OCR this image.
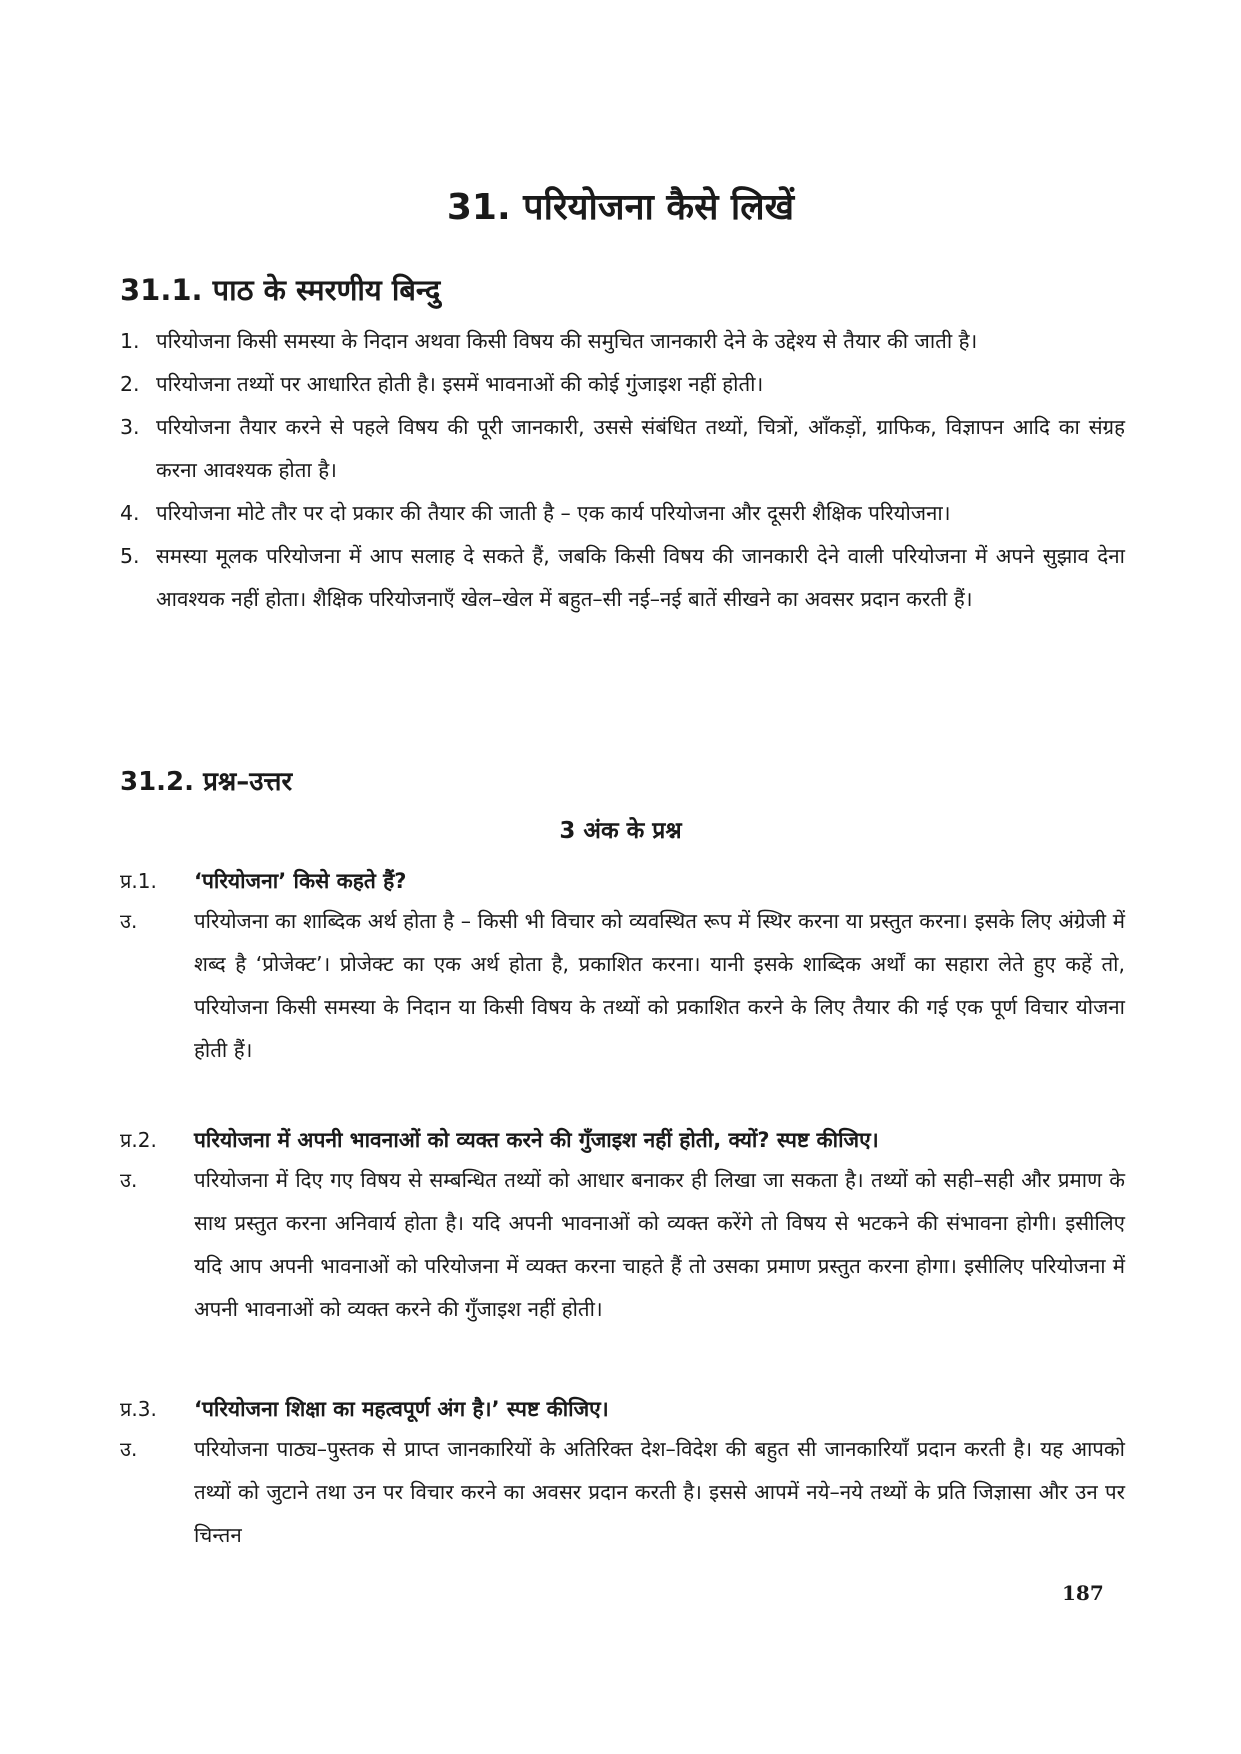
31. परियोजना कैसे लिखें
31.1. पाठ के स्मरणीय बिन्दु
1. परियोजना किसी समस्या के निदान अथवा किसी विषय की समुचित जानकारी देने के उद्देश्य से तैयार की जाती है।
2. परियोजना तथ्यों पर आधारित होती है। इसमें भावनाओं की कोई गुंजाइश नहीं होती।
3. परियोजना तैयार करने से पहले विषय की पूरी जानकारी, उससे संबंधित तथ्यों, चित्रों, आँकड़ों, ग्राफिक, विज्ञापन आदि का संग्रह करना आवश्यक होता है।
4. परियोजना मोटे तौर पर दो प्रकार की तैयार की जाती है – एक कार्य परियोजना और दूसरी शैक्षिक परियोजना।
5. समस्या मूलक परियोजना में आप सलाह दे सकते हैं, जबकि किसी विषय की जानकारी देने वाली परियोजना में अपने सुझाव देना आवश्यक नहीं होता। शैक्षिक परियोजनाएँ खेल–खेल में बहुत–सी नई–नई बातें सीखने का अवसर प्रदान करती हैं।
31.2. प्रश्न–उत्तर
3 अंक के प्रश्न
प्र.1.	‘परियोजना’ किसे कहते हैं?
उ.	परियोजना का शाब्दिक अर्थ होता है – किसी भी विचार को व्यवस्थित रूप में स्थिर करना या प्रस्तुत करना। इसके लिए अंग्रेजी में शब्द है ‘प्रोजेक्ट’। प्रोजेक्ट का एक अर्थ होता है, प्रकाशित करना। यानी इसके शाब्दिक अर्थों का सहारा लेते हुए कहें तो, परियोजना किसी समस्या के निदान या किसी विषय के तथ्यों को प्रकाशित करने के लिए तैयार की गई एक पूर्ण विचार योजना होती हैं।
प्र.2.	परियोजना में अपनी भावनाओं को व्यक्त करने की गुँजाइश नहीं होती, क्यों? स्पष्ट कीजिए।
उ.	परियोजना में दिए गए विषय से सम्बन्धित तथ्यों को आधार बनाकर ही लिखा जा सकता है। तथ्यों को सही–सही और प्रमाण के साथ प्रस्तुत करना अनिवार्य होता है। यदि अपनी भावनाओं को व्यक्त करेंगे तो विषय से भटकने की संभावना होगी। इसीलिए यदि आप अपनी भावनाओं को परियोजना में व्यक्त करना चाहते हैं तो उसका प्रमाण प्रस्तुत करना होगा। इसीलिए परियोजना में अपनी भावनाओं को व्यक्त करने की गुँजाइश नहीं होती।
प्र.3.	‘परियोजना शिक्षा का महत्वपूर्ण अंग है।’ स्पष्ट कीजिए।
उ.	परियोजना पाठ्य–पुस्तक से प्राप्त जानकारियों के अतिरिक्त देश–विदेश की बहुत सी जानकारियाँ प्रदान करती है। यह आपको तथ्यों को जुटाने तथा उन पर विचार करने का अवसर प्रदान करती है। इससे आपमें नये–नये तथ्यों के प्रति जिज्ञासा और उन पर चिन्तन
187
